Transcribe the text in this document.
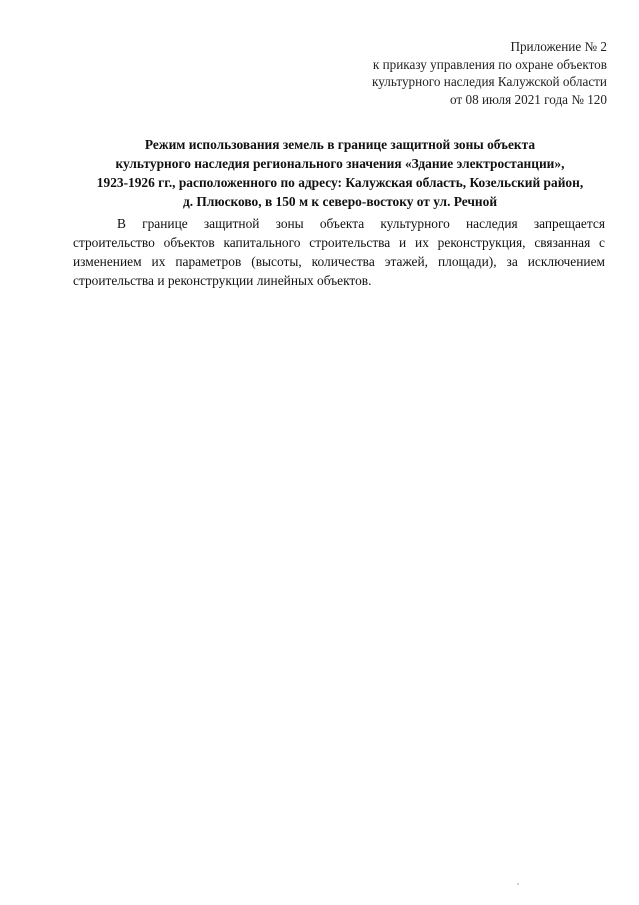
Приложение № 2
к приказу управления по охране объектов
культурного наследия Калужской области
от 08 июля 2021 года № 120
Режим использования земель в границе защитной зоны объекта
культурного наследия регионального значения «Здание электростанции»,
1923-1926 гг., расположенного по адресу: Калужская область, Козельский район,
д. Плюсково, в 150 м к северо-востоку от ул. Речной
В границе защитной зоны объекта культурного наследия запрещается
строительство объектов капитального строительства и их реконструкция, связанная с
изменением их параметров (высоты, количества этажей, площади), за исключением
строительства и реконструкции линейных объектов.
